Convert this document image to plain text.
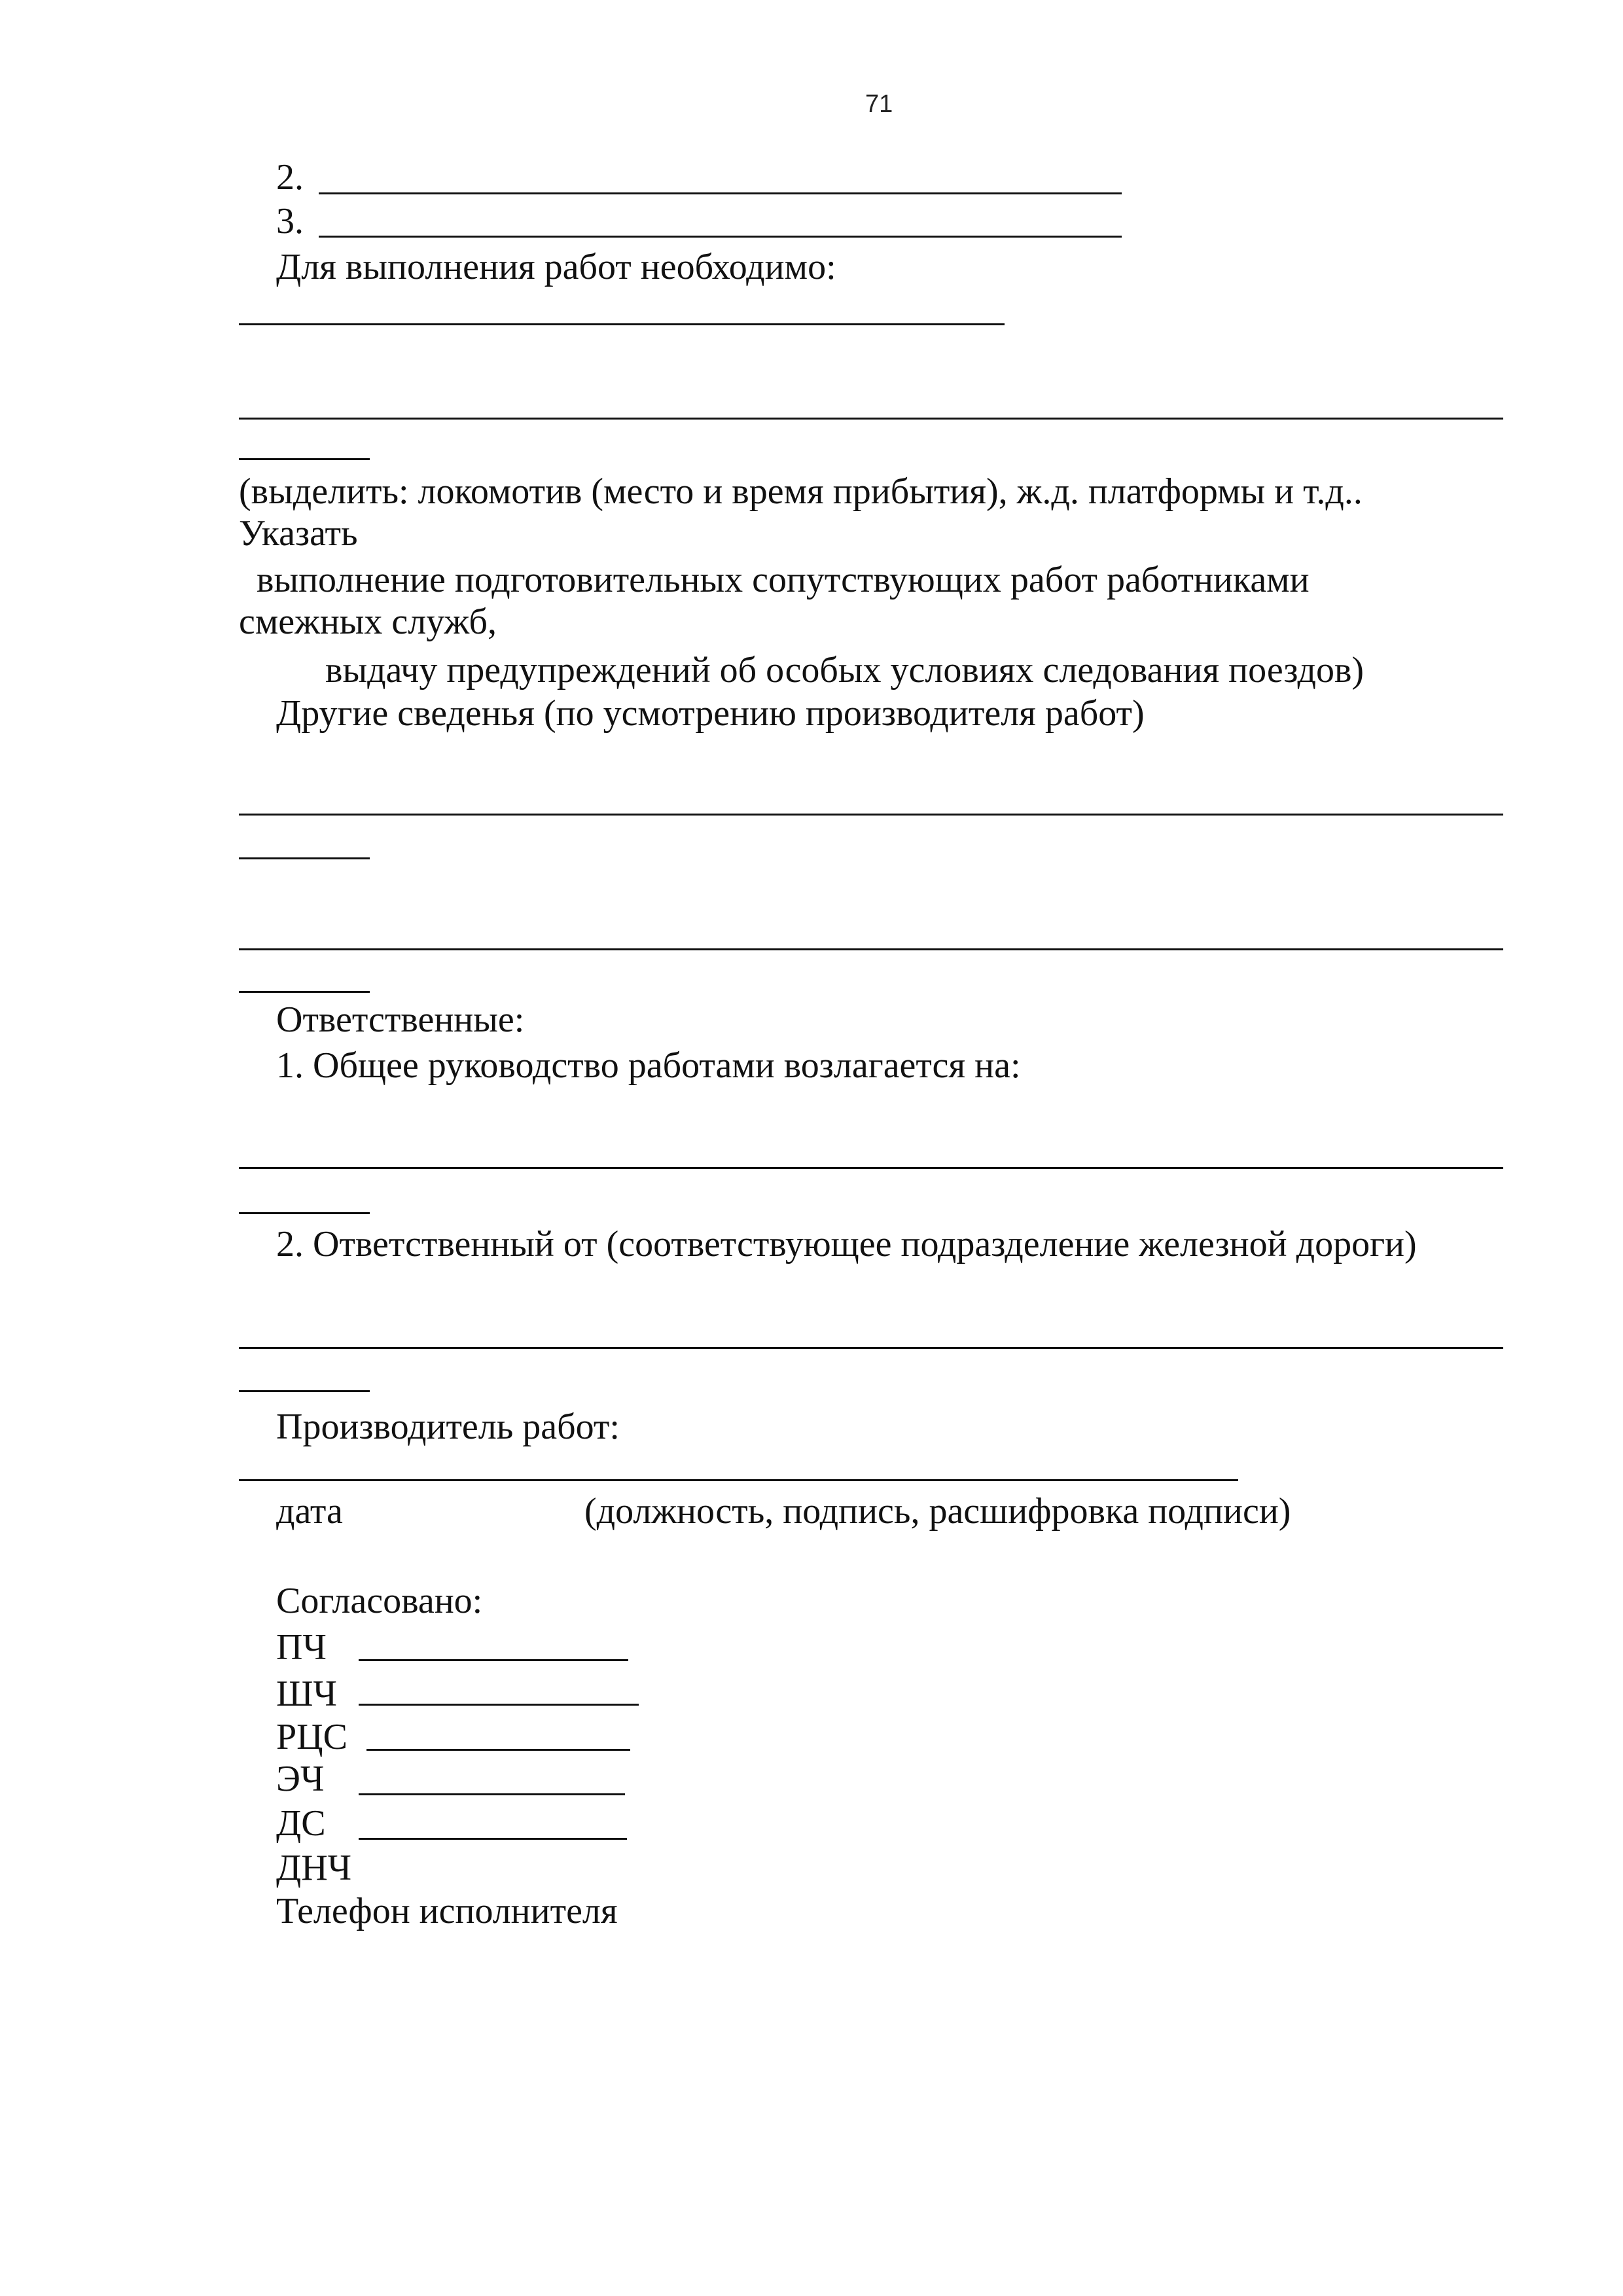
71
2.
3.
Для выполнения работ необходимо:
(выделить: локомотив (место и время прибытия), ж.д. платформы и т.д..
Указать
выполнение подготовительных сопутствующих работ работниками
смежных служб,
выдачу предупреждений об особых условиях следования поездов)
Другие сведенья (по усмотрению производителя работ)
Ответственные:
1. Общее руководство работами возлагается на:
2. Ответственный от (соответствующее подразделение железной дороги)
Производитель работ:
дата	(должность, подпись, расшифровка подписи)
Согласовано:
ПЧ
ШЧ
РЦС
ЭЧ
ДС
ДНЧ
Телефон исполнителя
